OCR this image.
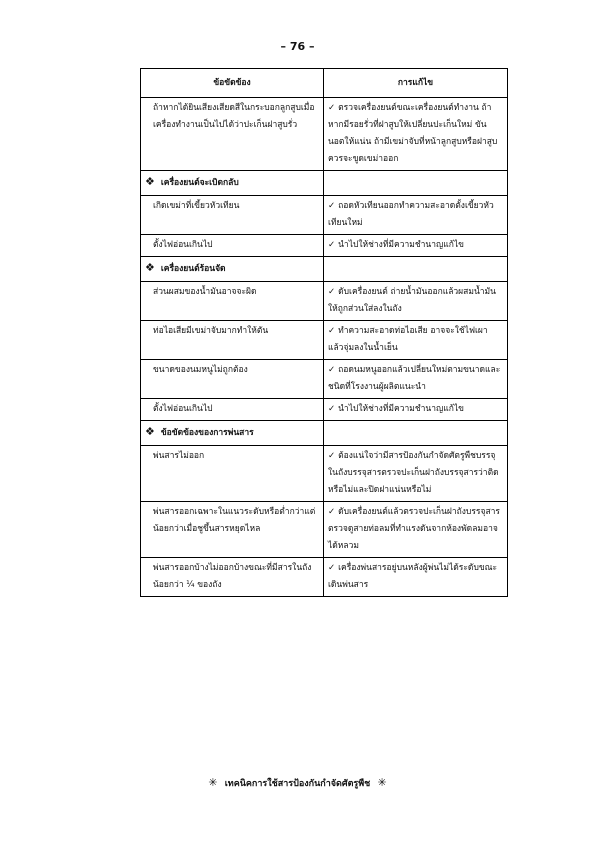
– 76 –
ข้อขัดข้อง	การแก้ไข
ถ้าหากได้ยินเสียงเสียดสีในกระบอกลูกสูบเมื่อเครื่องทำงานเป็นไปได้ว่าปะเก็นฝาสูบรั่ว	✓ ตรวจเครื่องยนต์ขณะเครื่องยนต์ทำงาน ถ้าหากมีรอยรั่วที่ฝาสูบให้เปลี่ยนปะเก็นใหม่ ขันนอตให้แน่น ถ้ามีเขม่าจับที่หน้าลูกสูบหรือฝาสูบควรจะขูดเขม่าออก
❖ เครื่องยนต์จะเบิดกลับ	
เกิดเขม่าที่เขี้ยวหัวเทียน	✓ ถอดหัวเทียนออกทำความสะอาดตั้งเขี้ยวหัวเทียนใหม่
ตั้งไฟอ่อนเกินไป	✓ นำไปให้ช่างที่มีความชำนาญแก้ไข
❖ เครื่องยนต์ร้อนจัด	
ส่วนผสมของน้ำมันอาจจะผิด	✓ ดับเครื่องยนต์ ถ่ายน้ำมันออกแล้วผสมน้ำมันให้ถูกส่วนใส่ลงในถัง
ท่อไอเสียมีเขม่าจับมากทำให้ตัน	✓ ทำความสะอาดท่อไอเสีย อาจจะใช้ไฟเผาแล้วจุ่มลงในน้ำเย็น
ขนาดของนมหนูไม่ถูกต้อง	✓ ถอดนมหนูออกแล้วเปลี่ยนใหม่ตามขนาดและชนิดที่โรงงานผู้ผลิตแนะนำ
ตั้งไฟอ่อนเกินไป	✓ นำไปให้ช่างที่มีความชำนาญแก้ไข
❖ ข้อขัดข้องของการพ่นสาร	
พ่นสารไม่ออก	✓ ต้องแน่ใจว่ามีสารป้องกันกำจัดศัตรูพืชบรรจุในถังบรรจุสารตรวจปะเก็นฝาถังบรรจุสารว่าติดหรือไม่และปิดฝาแน่นหรือไม่
พ่นสารออกเฉพาะในแนวระดับหรือต่ำกว่าแต่น้อยกว่าเมื่อชูขึ้นสารหยุดไหล	✓ ดับเครื่องยนต์แล้วตรวจปะเก็นฝาถังบรรจุสาร ตรวจดูสายท่อลมที่ทำแรงดันจากห้องพัดลมอาจได้หลวม
พ่นสารออกบ้างไม่ออกบ้างขณะที่มีสารในถังน้อยกว่า ¼ ของถัง	✓ เครื่องพ่นสารอยู่บนหลังผู้พ่นไม่ได้ระดับขณะเดินพ่นสาร
✳ เทคนิคการใช้สารป้องกันกำจัดศัตรูพืช ✳
